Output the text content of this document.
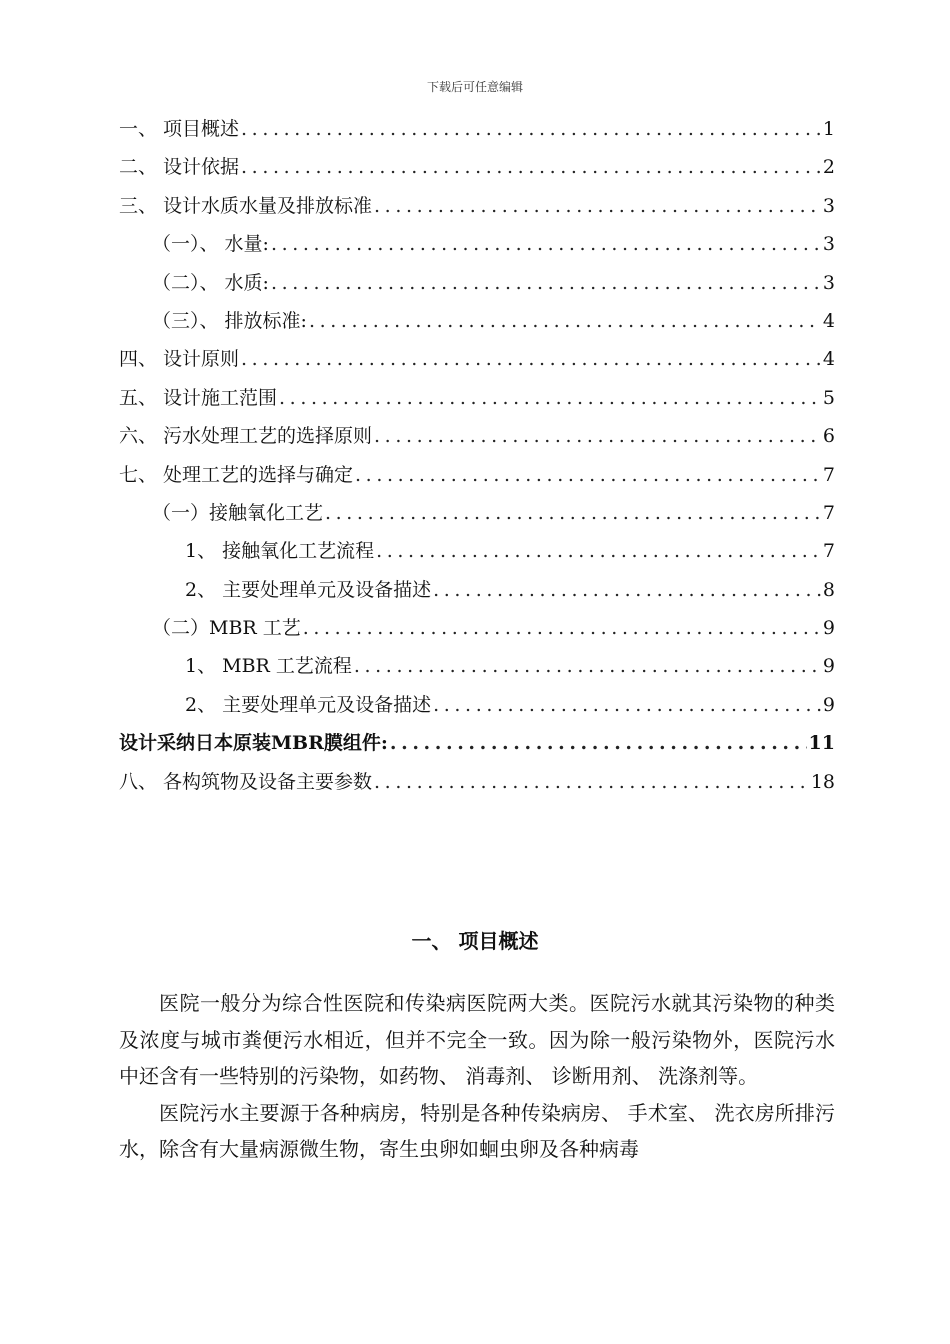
下载后可任意编辑
一、 项目概述 .....	1
二、 设计依据 .....	2
三、 设计水质水量及排放标准 .....	3
（一）、 水量: .....	3
（二）、 水质: .....	3
（三）、 排放标准: .....	4
四、 设计原则 .....	4
五、 设计施工范围 .....	5
六、 污水处理工艺的选择原则 .....	6
七、 处理工艺的选择与确定 .....	7
（一）接触氧化工艺 .....	7
1、 接触氧化工艺流程 .....	7
2、 主要处理单元及设备描述 .....	8
（二）MBR 工艺 .....	9
1、 MBR 工艺流程 .....	9
2、 主要处理单元及设备描述 .....	9
设计采纳日本原装MBR膜组件: .....	11
八、 各构筑物及设备主要参数 .....	18
一、 项目概述

医院一般分为综合性医院和传染病医院两大类。医院污水就其污染物的种类及浓度与城市粪便污水相近，但并不完全一致。因为除一般污染物外，医院污水中还含有一些特别的污染物，如药物、 消毒剂、 诊断用剂、 洗涤剂等。

医院污水主要源于各种病房，特别是各种传染病房、 手术室、 洗衣房所排污水，除含有大量病源微生物，寄生虫卵如蛔虫卵及各种病毒
